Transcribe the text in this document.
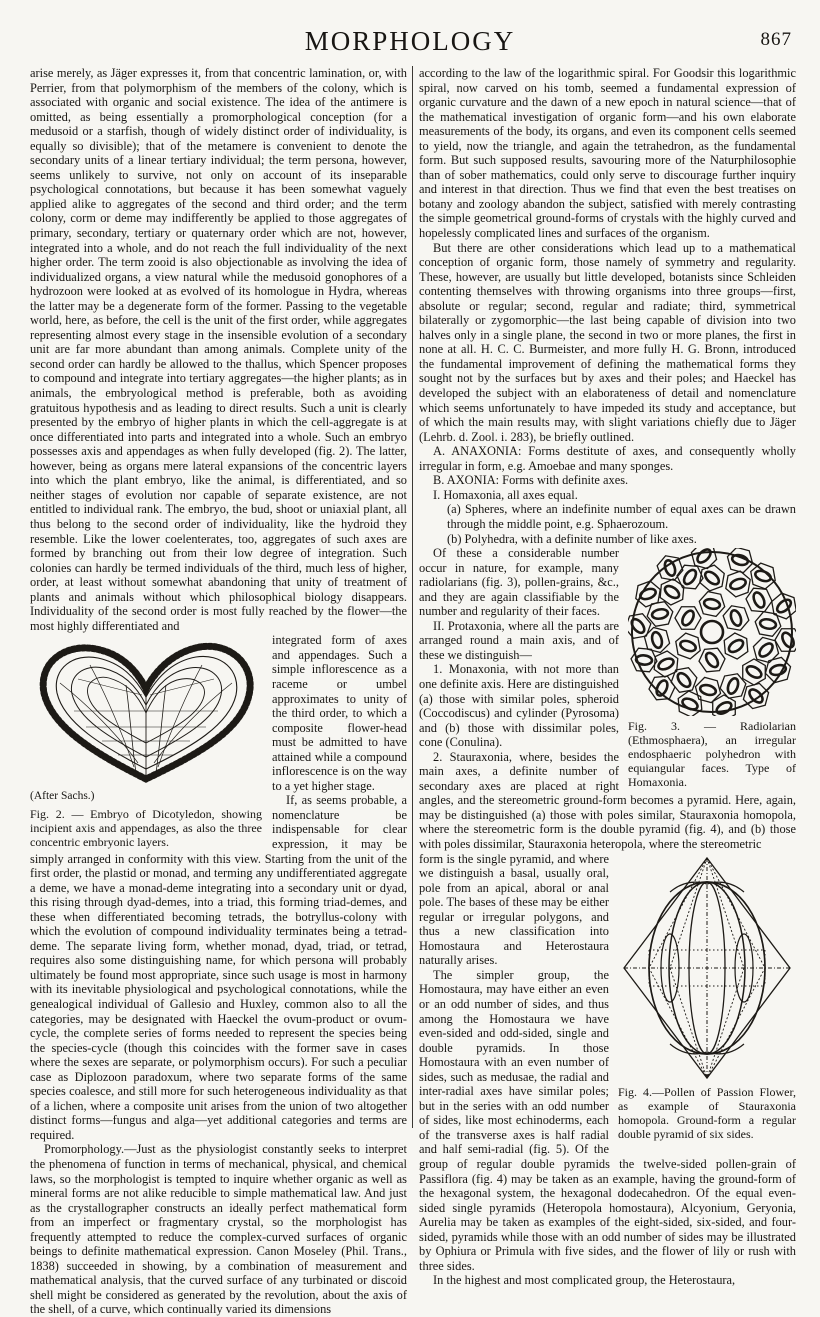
MORPHOLOGY	867

arise merely, as Jäger expresses it, from that concentric lamination, or, with Perrier, from that polymorphism of the members of the colony, which is associated with organic and social existence. The idea of the antimere is omitted, as being essentially a promorphological conception (for a medusoid or a starfish, though of widely distinct order of individuality, is equally so divisible); that of the metamere is convenient to denote the secondary units of a linear tertiary individual; the term persona, however, seems unlikely to survive, not only on account of its inseparable psychological connotations, but because it has been somewhat vaguely applied alike to aggregates of the second and third order; and the term colony, corm or deme may indifferently be applied to those aggregates of primary, secondary, tertiary or quaternary order which are not, however, integrated into a whole, and do not reach the full individuality of the next higher order. The term zooid is also objectionable as involving the idea of individualized organs, a view natural while the medusoid gonophores of a hydrozoon were looked at as evolved of its homologue in Hydra, whereas the latter may be a degenerate form of the former. Passing to the vegetable world, here, as before, the cell is the unit of the first order, while aggregates representing almost every stage in the insensible evolution of a secondary unit are far more abundant than among animals. Complete unity of the second order can hardly be allowed to the thallus, which Spencer proposes to compound and integrate into tertiary aggregates—the higher plants; as in animals, the embryological method is preferable, both as avoiding gratuitous hypothesis and as leading to direct results. Such a unit is clearly presented by the embryo of higher plants in which the cell-aggregate is at once differentiated into parts and integrated into a whole. Such an embryo possesses axis and appendages as when fully developed (fig. 2). The latter, however, being as organs mere lateral expansions of the concentric layers into which the plant embryo, like the animal, is differentiated, and so neither stages of evolution nor capable of separate existence, are not entitled to individual rank. The embryo, the bud, shoot or uniaxial plant, all thus belong to the second order of individuality, like the hydroid they resemble. Like the lower coelenterates, too, aggregates of such axes are formed by branching out from their low degree of integration. Such colonies can hardly be termed individuals of the third, much less of higher, order, at least without somewhat abandoning that unity of treatment of plants and animals without which philosophical biology disappears. Individuality of the second order is most fully reached by the flower—the most highly differentiated and

(After Sachs.)
Fig. 2. — Embryo of Dicotyledon, showing incipient axis and appendages, as also the three concentric embryonic layers.

integrated form of axes and appendages. Such a simple inflorescence as a raceme or umbel approximates to unity of the third order, to which a composite flower-head must be admitted to have attained while a compound inflorescence is on the way to a yet higher stage.

If, as seems probable, a nomenclature be indispensable for clear expression, it may be simply arranged in conformity with this view. Starting from the unit of the first order, the plastid or monad, and terming any undifferentiated aggregate a deme, we have a monad-deme integrating into a secondary unit or dyad, this rising through dyad-demes, into a triad, this forming triad-demes, and these when differentiated becoming tetrads, the botryllus-colony with which the evolution of compound individuality terminates being a tetrad-deme. The separate living form, whether monad, dyad, triad, or tetrad, requires also some distinguishing name, for which persona will probably ultimately be found most appropriate, since such usage is most in harmony with its inevitable physiological and psychological connotations, while the genealogical individual of Gallesio and Huxley, common also to all the categories, may be designated with Haeckel the ovum-product or ovum-cycle, the complete series of forms needed to represent the species being the species-cycle (though this coincides with the former save in cases where the sexes are separate, or polymorphism occurs). For such a peculiar case as Diplozoon paradoxum, where two separate forms of the same species coalesce, and still more for such heterogeneous individuality as that of a lichen, where a composite unit arises from the union of two altogether distinct forms—fungus and alga—yet additional categories and terms are required.

Promorphology.—Just as the physiologist constantly seeks to interpret the phenomena of function in terms of mechanical, physical, and chemical laws, so the morphologist is tempted to inquire whether organic as well as mineral forms are not alike reducible to simple mathematical law. And just as the crystallographer constructs an ideally perfect mathematical form from an imperfect or fragmentary crystal, so the morphologist has frequently attempted to reduce the complex-curved surfaces of organic beings to definite mathematical expression. Canon Moseley (Phil. Trans., 1838) succeeded in showing, by a combination of measurement and mathematical analysis, that the curved surface of any turbinated or discoid shell might be considered as generated by the revolution, about the axis of the shell, of a curve, which continually varied its dimensions

according to the law of the logarithmic spiral. For Goodsir this logarithmic spiral, now carved on his tomb, seemed a fundamental expression of organic curvature and the dawn of a new epoch in natural science—that of the mathematical investigation of organic form—and his own elaborate measurements of the body, its organs, and even its component cells seemed to yield, now the triangle, and again the tetrahedron, as the fundamental form. But such supposed results, savouring more of the Naturphilosophie than of sober mathematics, could only serve to discourage further inquiry and interest in that direction. Thus we find that even the best treatises on botany and zoology abandon the subject, satisfied with merely contrasting the simple geometrical ground-forms of crystals with the highly curved and hopelessly complicated lines and surfaces of the organism.

But there are other considerations which lead up to a mathematical conception of organic form, those namely of symmetry and regularity. These, however, are usually but little developed, botanists since Schleiden contenting themselves with throwing organisms into three groups—first, absolute or regular; second, regular and radiate; third, symmetrical bilaterally or zygomorphic—the last being capable of division into two halves only in a single plane, the second in two or more planes, the first in none at all. H. C. C. Burmeister, and more fully H. G. Bronn, introduced the fundamental improvement of defining the mathematical forms they sought not by the surfaces but by axes and their poles; and Haeckel has developed the subject with an elaborateness of detail and nomenclature which seems unfortunately to have impeded its study and acceptance, but of which the main results may, with slight variations chiefly due to Jäger (Lehrb. d. Zool. i. 283), be briefly outlined.

A. ANAXONIA: Forms destitute of axes, and consequently wholly irregular in form, e.g. Amoebae and many sponges.

B. AXONIA: Forms with definite axes.

I. Homaxonia, all axes equal.

(a) Spheres, where an indefinite number of equal axes can be drawn through the middle point, e.g. Sphaerozoum.

(b) Polyhedra, with a definite number of like axes.

Fig. 3. — Radiolarian (Ethmosphaera), an irregular endosphaeric polyhedron with equiangular faces. Type of Homaxonia.

Of these a considerable number occur in nature, for example, many radiolarians (fig. 3), pollen-grains, &c., and they are again classifiable by the number and regularity of their faces.

II. Protaxonia, where all the parts are arranged round a main axis, and of these we distinguish—

1. Monaxonia, with not more than one definite axis. Here are distinguished (a) those with similar poles, spheroid (Coccodiscus) and cylinder (Pyrosoma) and (b) those with dissimilar poles, cone (Conulina).

2. Stauraxonia, where, besides the main axes, a definite number of secondary axes are placed at right angles, and the stereometric ground-form becomes a pyramid. Here, again, may be distinguished (a) those with poles similar, Stauraxonia homopola, where the stereometric form is the double pyramid (fig. 4), and (b) those with poles dissimilar, Stauraxonia heteropola, where the stereometric

Fig. 4.—Pollen of Passion Flower, as example of Stauraxonia homopola. Ground-form a regular double pyramid of six sides.

form is the single pyramid, and where we distinguish a basal, usually oral, pole from an apical, aboral or anal pole. The bases of these may be either regular or irregular polygons, and thus a new classification into Homostaura and Heterostaura naturally arises.

The simpler group, the Homostaura, may have either an even or an odd number of sides, and thus among the Homostaura we have even-sided and odd-sided, single and double pyramids. In those Homostaura with an even number of sides, such as medusae, the radial and inter-radial axes have similar poles; but in the series with an odd number of sides, like most echinoderms, each of the transverse axes is half radial and half semi-radial (fig. 5). Of the group of regular double pyramids the twelve-sided pollen-grain of Passiflora (fig. 4) may be taken as an example, having the ground-form of the hexagonal system, the hexagonal dodecahedron. Of the equal even-sided single pyramids (Heteropola homostaura), Alcyonium, Geryonia, Aurelia may be taken as examples of the eight-sided, six-sided, and four-sided, pyramids while those with an odd number of sides may be illustrated by Ophiura or Primula with five sides, and the flower of lily or rush with three sides.

In the highest and most complicated group, the Heterostaura,
